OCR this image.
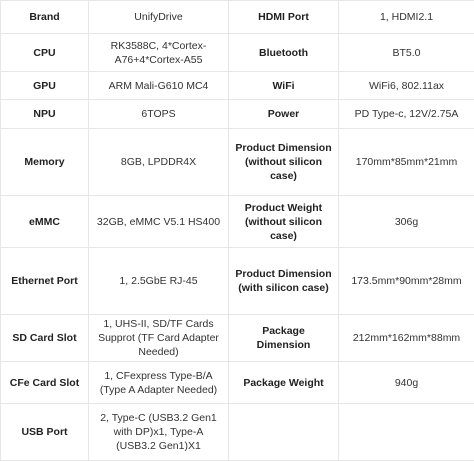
Brand	UnifyDrive	HDMI Port	1, HDMI2.1
CPU	RK3588C, 4*Cortex-A76+4*Cortex-A55	Bluetooth	BT5.0
GPU	ARM Mali-G610 MC4	WiFi	WiFi6, 802.11ax
NPU	6TOPS	Power	PD Type-c, 12V/2.75A
Memory	8GB, LPDDR4X	Product Dimension (without silicon case)	170mm*85mm*21mm
eMMC	32GB, eMMC V5.1 HS400	Product Weight (without silicon case)	306g
Ethernet Port	1, 2.5GbE RJ-45	Product Dimension (with silicon case)	173.5mm*90mm*28mm
SD Card Slot	1, UHS-II, SD/TF Cards Supprot (TF Card Adapter Needed)	Package Dimension	212mm*162mm*88mm
CFe Card Slot	1, CFexpress Type-B/A (Type A Adapter Needed)	Package Weight	940g
USB Port	2, Type-C (USB3.2 Gen1 with DP)x1, Type-A (USB3.2 Gen1)X1		
